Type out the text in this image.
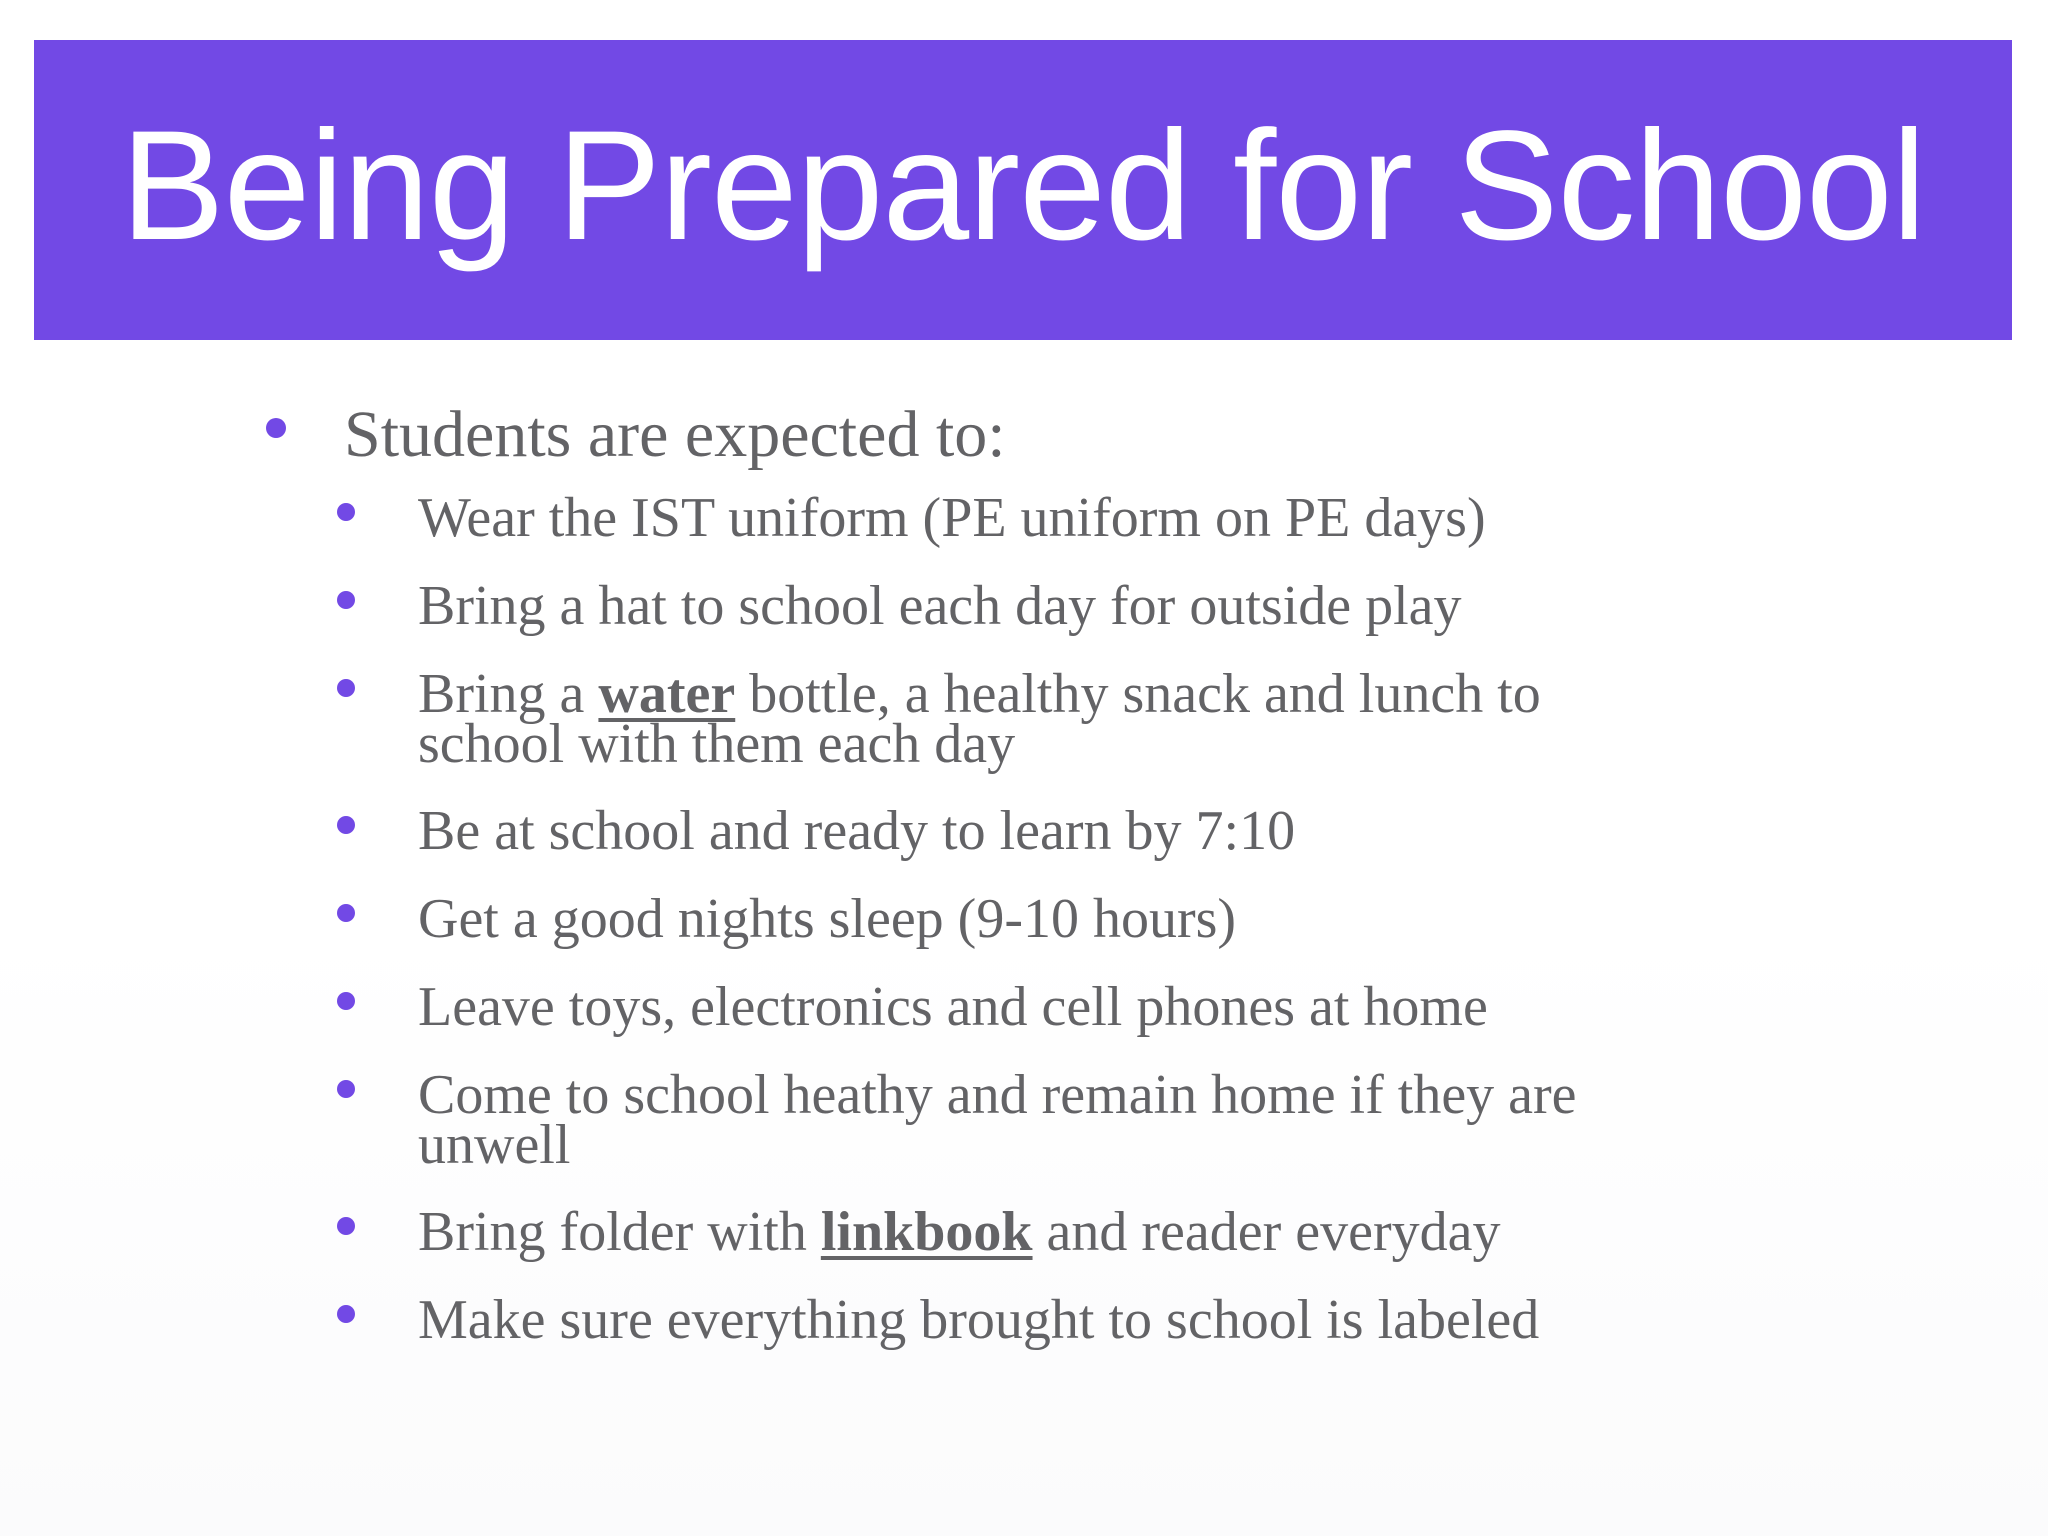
Being Prepared for School
Students are expected to:
Wear the IST uniform (PE uniform on PE days)
Bring a hat to school each day for outside play
Bring a water bottle, a healthy snack and lunch to
school with them each day
Be at school and ready to learn by 7:10
Get a good nights sleep (9-10 hours)
Leave toys, electronics and cell phones at home
Come to school heathy and remain home if they are
unwell
Bring folder with linkbook and reader everyday
Make sure everything brought to school is labeled
